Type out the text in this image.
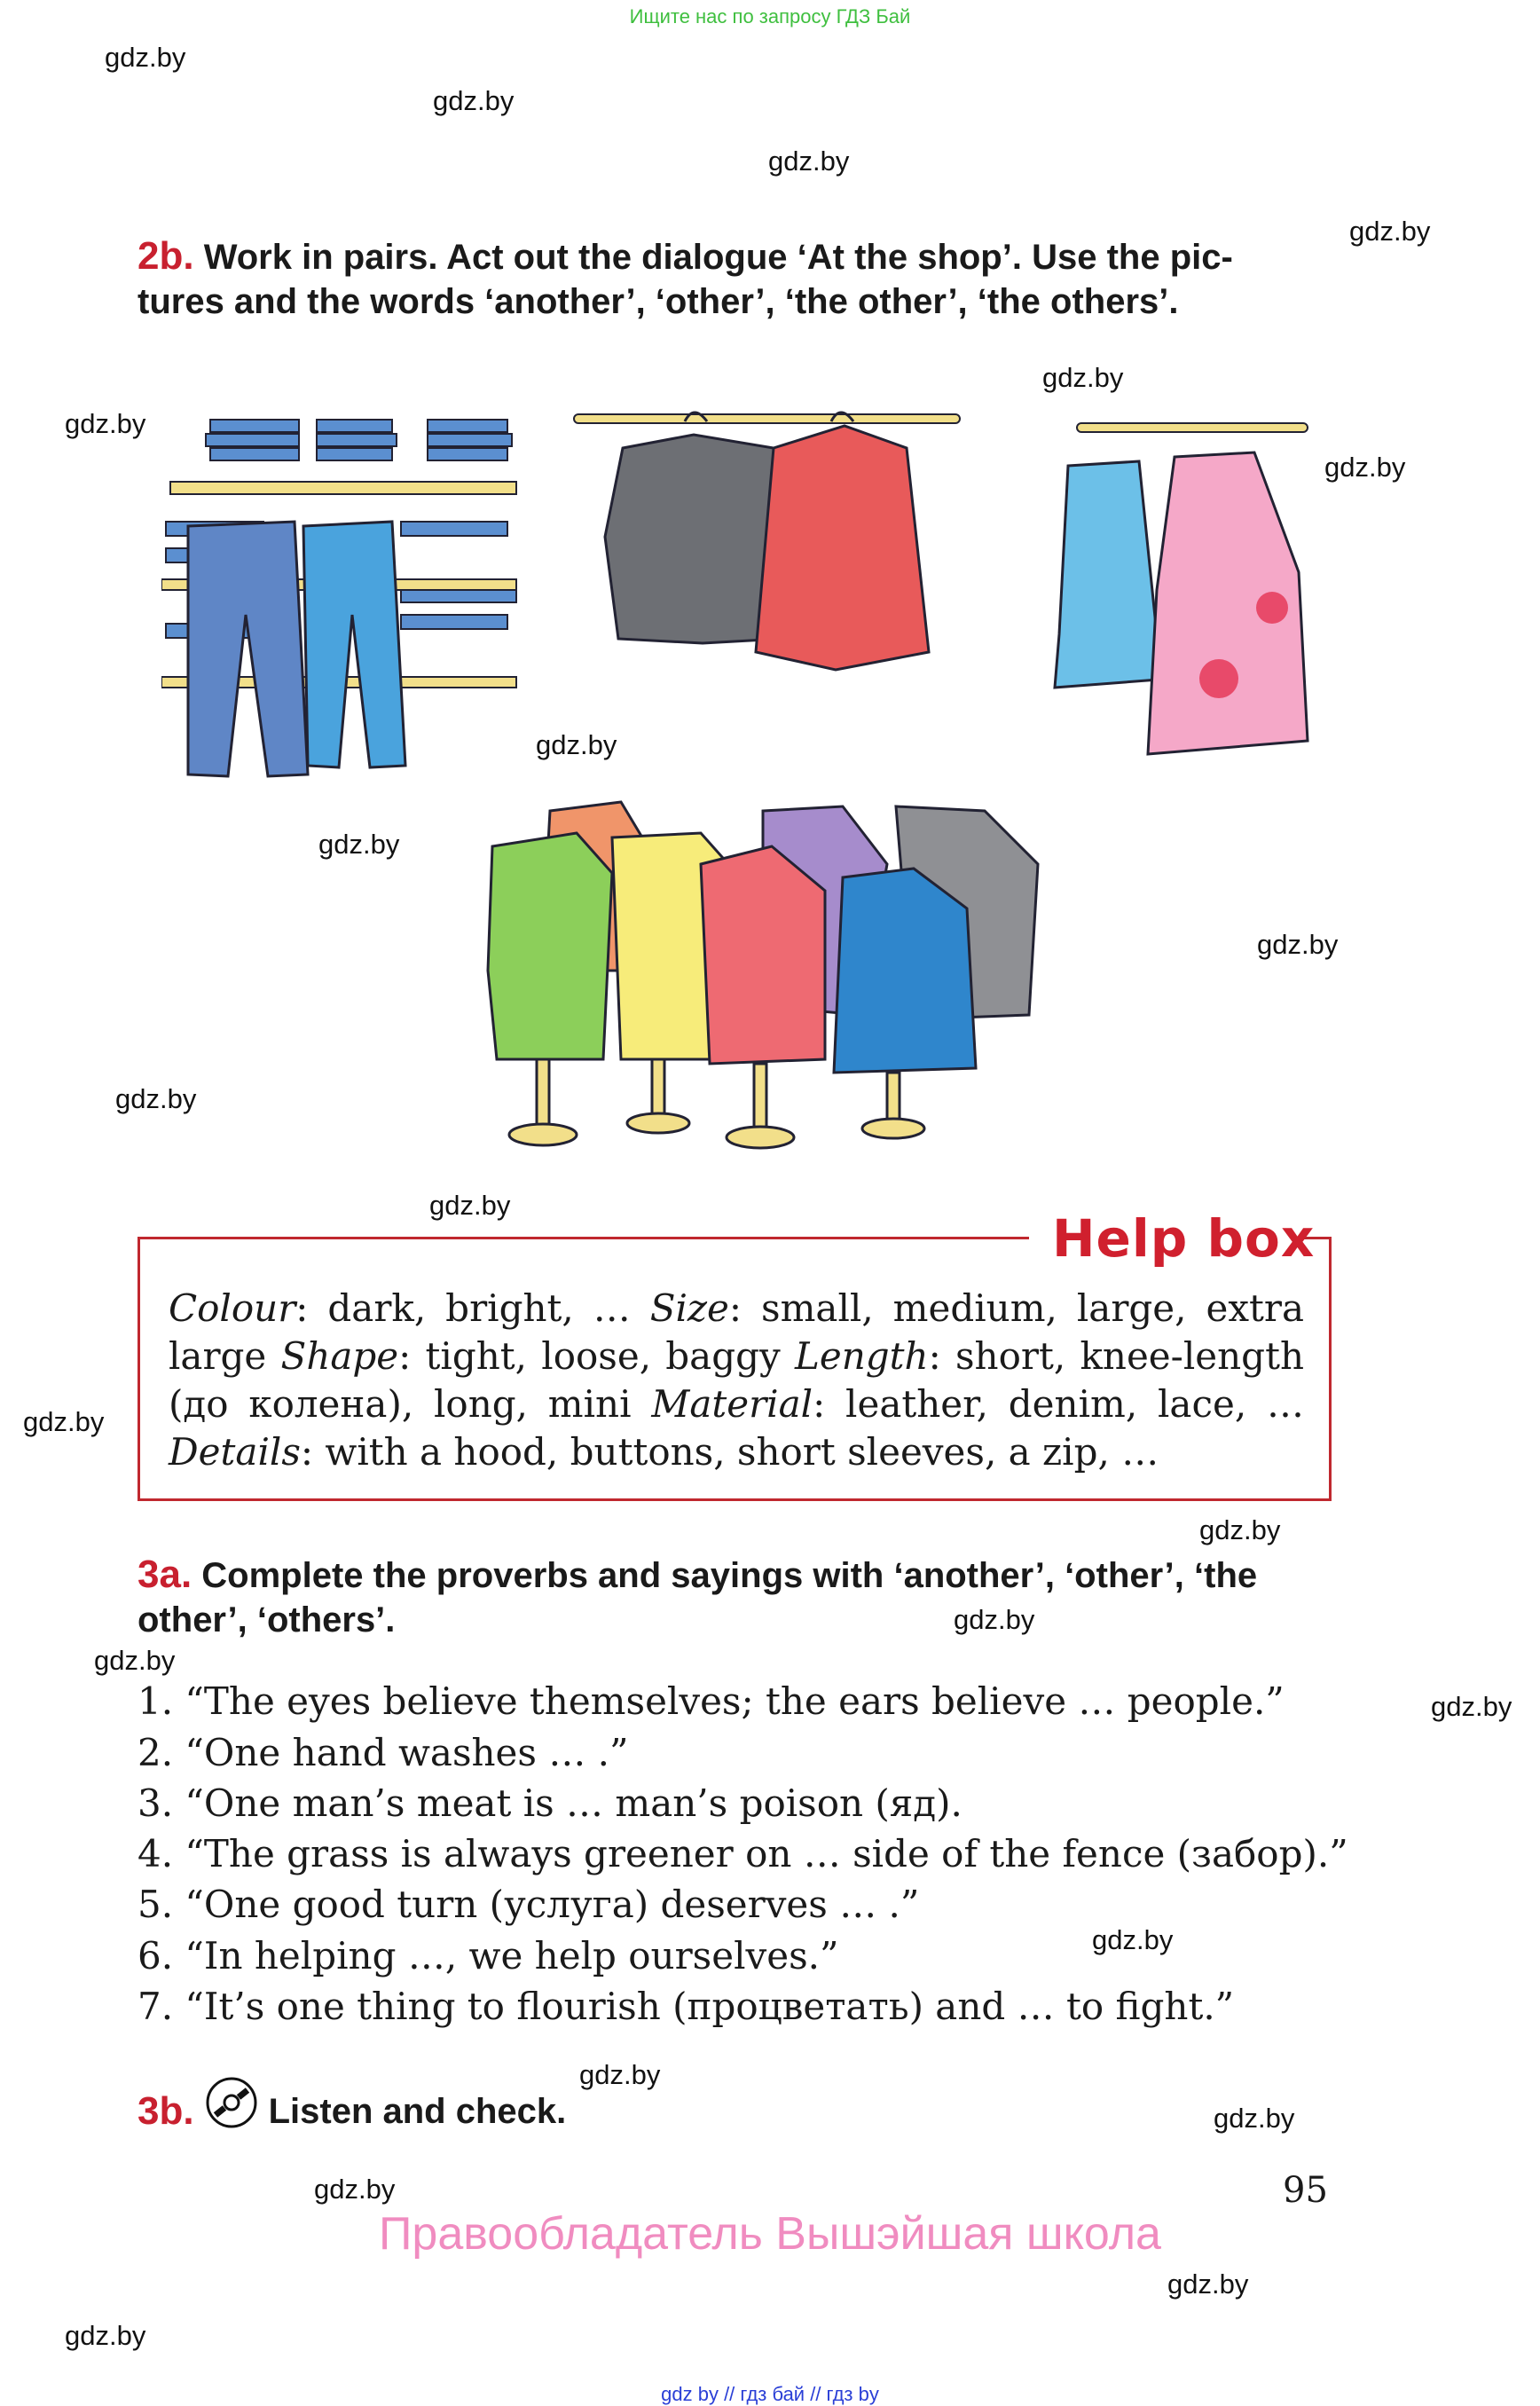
Ищите нас по запросу ГДЗ Бай
gdz.by
gdz.by
gdz.by
gdz.by
gdz.by
gdz.by
gdz.by
gdz.by
gdz.by
gdz.by
gdz.by
gdz.by
gdz.by
gdz.by
gdz.by
gdz.by
gdz.by
gdz.by
gdz.by
gdz.by
gdz.by
gdz.by
gdz.by
2b. Work in pairs. Act out the dialogue ‘At the shop’. Use the pic-
tures and the words ‘another’, ‘other’, ‘the other’, ‘the others’.
Help box
Colour: dark, bright, … Size: small, medium, large, extra large Shape: tight, loose, baggy Length: short, knee-length (до колена), long, mini Material: leather, denim, lace, … Details: with a hood, buttons, short sleeves, a zip, …
3a. Complete the proverbs and sayings with ‘another’, ‘other’, ‘the
other’, ‘others’.
1. “The eyes believe themselves; the ears believe … people.”
2. “One hand washes … .”
3. “One man’s meat is … man’s poison (яд).
4. “The grass is always greener on … side of the fence (забор).”
5. “One good turn (услуга) deserves … .”
6. “In helping …, we help ourselves.”
7. “It’s one thing to flourish (процветать) and … to fight.”
3b. Listen and check.
95
Правообладатель Вышэйшая школа
gdz by // гдз бай // гдз by
